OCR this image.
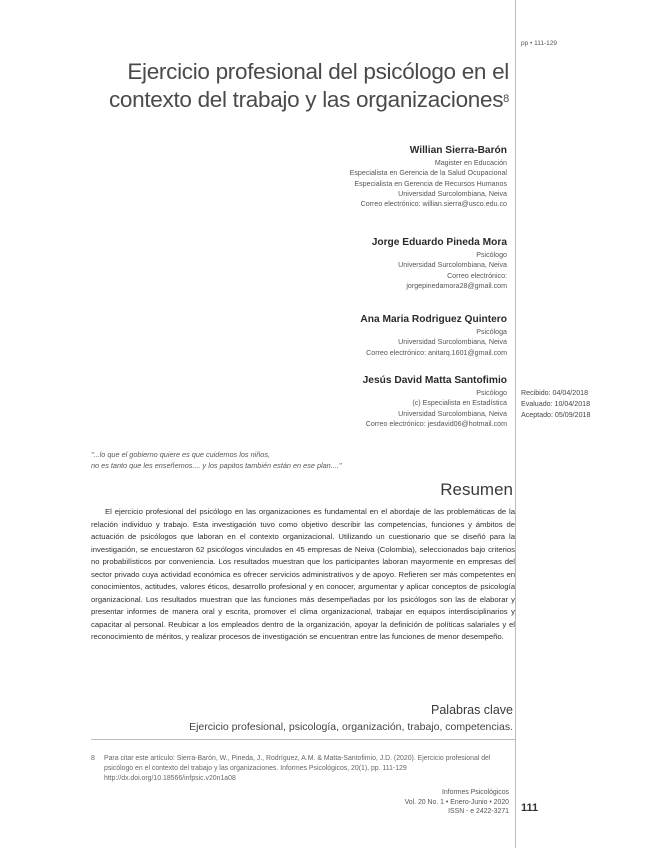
pp • 111-129
Ejercicio profesional del psicólogo en el contexto del trabajo y las organizaciones$^8$
Willian Sierra-Barón
Magister en Educación
Especialista en Gerencia de la Salud Ocupacional
Especialista en Gerencia de Recursos Humanos
Universidad Surcolombiana, Neiva
Correo electrónico: willian.sierra@usco.edu.co
Jorge Eduardo Pineda Mora
Psicólogo
Universidad Surcolombiana, Neiva
Correo electrónico:
jorgepinedamora28@gmail.com
Ana Maria Rodriguez Quintero
Psicóloga
Universidad Surcolombiana, Neiva
Correo electrónico: anitarq.1601@gmail.com
Jesús David Matta Santofimio
Psicólogo
(c) Especialista en Estadística
Universidad Surcolombiana, Neiva
Correo electrónico: jesdavid06@hotmail.com
Recibido: 04/04/2018
Evaluado: 10/04/2018
Aceptado: 05/09/2018
"...lo que el gobierno quiere es que cuidemos los niños,
no es tanto que les enseñemos.... y los papitos también están en ese plan...."
Resumen

El ejercicio profesional del psicólogo en las organizaciones es fundamental en el abordaje de las problemáticas de la relación individuo y trabajo. Esta investigación tuvo como objetivo describir las competencias, funciones y ámbitos de actuación de psicólogos que laboran en el contexto organizacional. Utilizando un cuestionario que se diseñó para la investigación, se encuestaron 62 psicólogos vinculados en 45 empresas de Neiva (Colombia), seleccionados bajo criterios no probabilísticos por conveniencia. Los resultados muestran que los participantes laboran mayormente en empresas del sector privado cuya actividad económica es ofrecer servicios administrativos y de apoyo. Refieren ser más competentes en conocimientos, actitudes, valores éticos, desarrollo profesional y en conocer, argumentar y aplicar conceptos de psicología organizacional. Los resultados muestran que las funciones más desempeñadas por los psicólogos son las de elaborar y presentar informes de manera oral y escrita, promover el clima organizacional, trabajar en equipos interdisciplinarios y capacitar al personal. Reubicar a los empleados dentro de la organización, apoyar la definición de políticas salariales y el reconocimiento de méritos, y realizar procesos de investigación se encuentran entre las funciones de menor desempeño.

Palabras clave
Ejercicio profesional, psicología, organización, trabajo, competencias.
8 Para citar este artículo: Sierra-Barón, W., Pineda, J., Rodríguez, A.M. & Matta-Santofimio, J.D. (2020). Ejercicio profesional del psicólogo en el contexto del trabajo y las organizaciones. Informes Psicológicos, 20(1), pp. 111-129 http://dx.doi.org/10.18566/infpsic.v20n1a08
Informes Psicológicos
Vol. 20 No. 1 • Enero-Junio • 2020
ISSN - e 2422-3271 111
